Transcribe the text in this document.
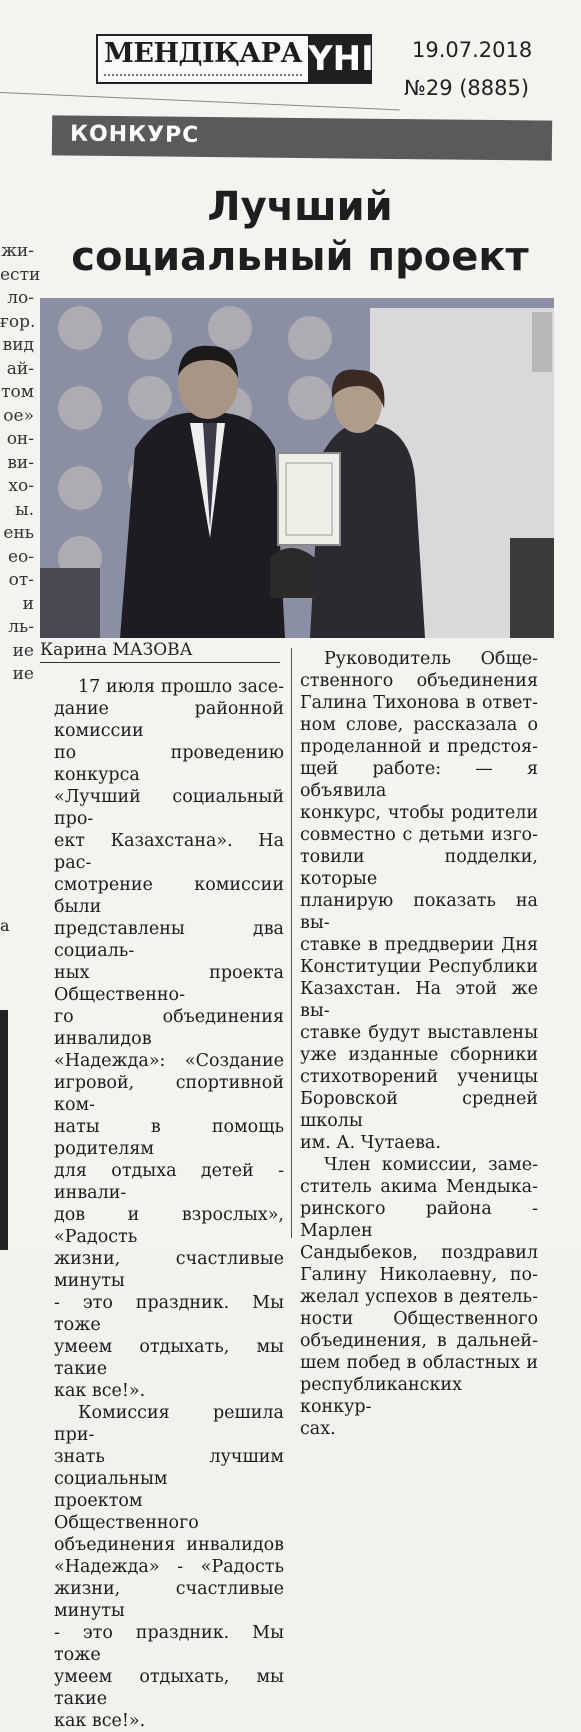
МЕНДІҚАРА ҮНІ 19.07.2018
№29 (8885)
КОНКУРС
Лучший
социальный проект
жи-
ести
ло-
ғор.
вид
ай-
том
ое»
он-
ви-
хо-
ы.
ень
ео-
от-
и
ль-
ие
ие
а
Карина МАЗОВА

17 июля прошло засе-
дание районной комиссии
по проведению конкурса
«Лучший социальный про-
ект Казахстана». На рас-
смотрение комиссии были
представлены два социаль-
ных проекта Общественно-
го объединения инвалидов
«Надежда»: «Создание
игровой, спортивной ком-
наты в помощь родителям
для отдыха детей - инвали-
дов и взрослых», «Радость
жизни, счастливые минуты
- это праздник. Мы тоже
умеем отдыхать, мы такие
как все!».

Комиссия решила при-
знать лучшим социальным
проектом Общественного
объединения инвалидов
«Надежда» - «Радость
жизни, счастливые минуты
- это праздник. Мы тоже
умеем отдыхать, мы такие
как все!».

Руководитель Обще-
ственного объединения
Галина Тихонова в ответ-
ном слове, рассказала о
проделанной и предстоя-
щей работе: — я объявила
конкурс, чтобы родители
совместно с детьми изго-
товили подделки, которые
планирую показать на вы-
ставке в преддверии Дня
Конституции Республики
Казахстан. На этой же вы-
ставке будут выставлены
уже изданные сборники
стихотворений ученицы
Боровской средней школы
им. А. Чутаева.

Член комиссии, заме-
ститель акима Мендыка-
ринского района - Марлен
Сандыбеков, поздравил
Галину Николаевну, по-
желал успехов в деятель-
ности Общественного
объединения, в дальней-
шем побед в областных и
республиканских конкур-
сах.
